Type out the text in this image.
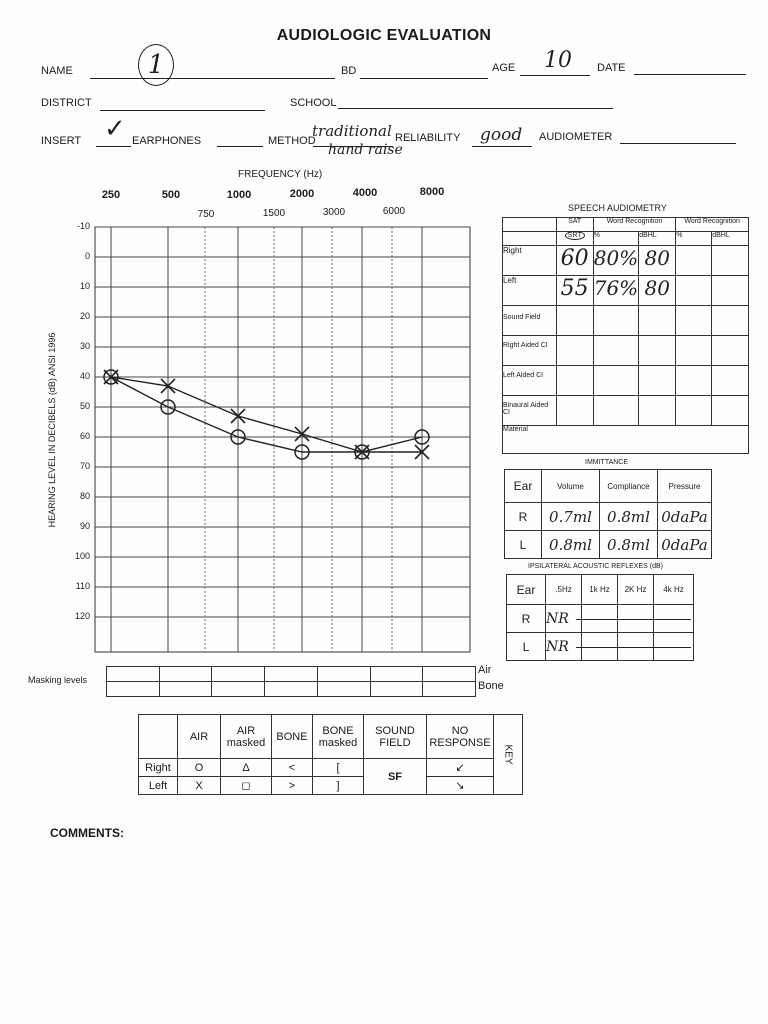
AUDIOLOGIC EVALUATION
NAME	1	BD	AGE 10 DATE
DISTRICT	SCHOOL
INSERT ✓ EARPHONES	METHOD
traditional
hand raise
RELIABILITY good AUDIOMETER
FREQUENCY (Hz)
250	500	1000	2000	4000	8000
750	1500	3000	6000
HEARING LEVEL IN DECIBELS (dB) ANSI 1996
-10
0
10
20
30
40
50
60
70
80
90
100
110
120
Masking levels

Air
Bone
SPEECH AUDIOMETRY

	SAT	Word Recognition		Word Recognition	
	SRT	%	dBHL	%	dBHL
Right	60	80%	80		
Left	55	76%	80		
Sound Field					
Right Aided CI					
Left Aided CI					
Binaural Aided CI					
Material					
IMMITTANCE
Ear	Volume	Compliance	Pressure
R	0.7ml	0.8ml	0daPa
L	0.8ml	0.8ml	0daPa
IPSILATERAL ACOUSTIC REFLEXES (dB)
Ear	.5Hz	1k Hz	2K Hz	4k Hz
R	NR

L	NR

	AIR	AIR masked	BONE	BONE masked	SOUND FIELD	NO RESPONSE	KEY

Right	O	Δ	<	[	SF	↙	
Left	X	◻	>	]		↘	
COMMENTS:
